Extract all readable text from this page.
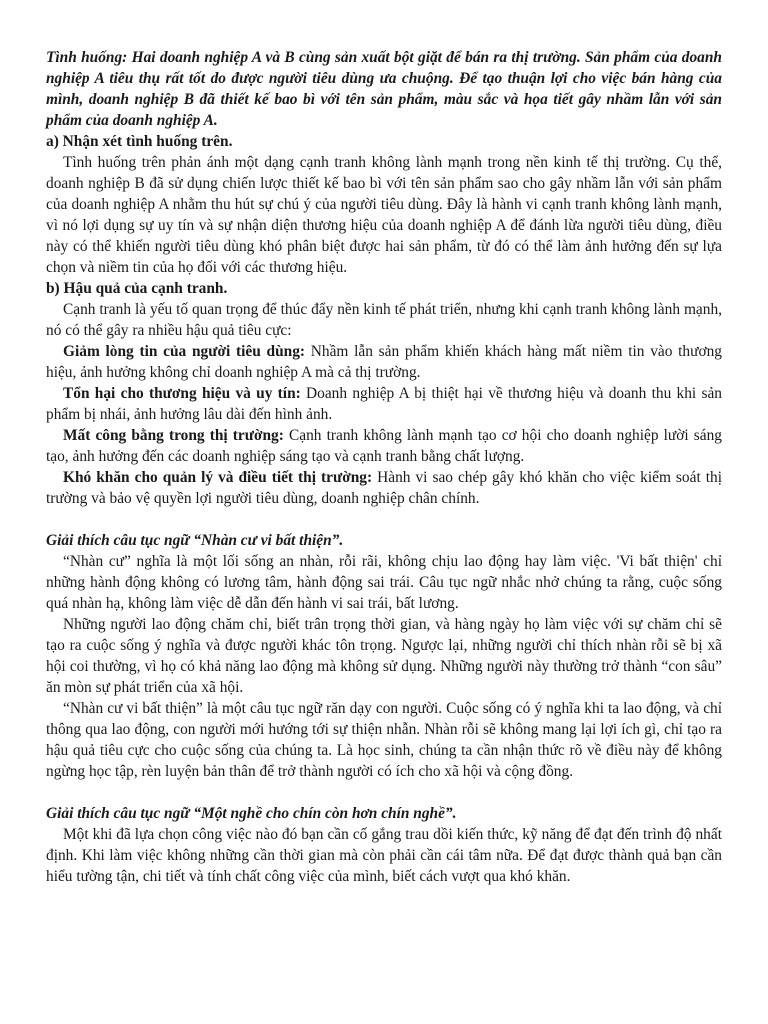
Tình huống: Hai doanh nghiệp A và B cùng sản xuất bột giặt để bán ra thị trường. Sản phẩm của doanh nghiệp A tiêu thụ rất tốt do được người tiêu dùng ưa chuộng. Để tạo thuận lợi cho việc bán hàng của mình, doanh nghiệp B đã thiết kế bao bì với tên sản phẩm, màu sắc và họa tiết gây nhầm lẫn với sản phẩm của doanh nghiệp A.

a) Nhận xét tình huống trên.

Tình huống trên phản ánh một dạng cạnh tranh không lành mạnh trong nền kinh tế thị trường. Cụ thể, doanh nghiệp B đã sử dụng chiến lược thiết kế bao bì với tên sản phẩm sao cho gây nhầm lẫn với sản phẩm của doanh nghiệp A nhằm thu hút sự chú ý của người tiêu dùng. Đây là hành vi cạnh tranh không lành mạnh, vì nó lợi dụng sự uy tín và sự nhận diện thương hiệu của doanh nghiệp A để đánh lừa người tiêu dùng, điều này có thể khiến người tiêu dùng khó phân biệt được hai sản phẩm, từ đó có thể làm ảnh hưởng đến sự lựa chọn và niềm tin của họ đối với các thương hiệu.

b) Hậu quả của cạnh tranh.

Cạnh tranh là yếu tố quan trọng để thúc đẩy nền kinh tế phát triển, nhưng khi cạnh tranh không lành mạnh, nó có thể gây ra nhiều hậu quả tiêu cực:

Giảm lòng tin của người tiêu dùng: Nhầm lẫn sản phẩm khiến khách hàng mất niềm tin vào thương hiệu, ảnh hưởng không chỉ doanh nghiệp A mà cả thị trường.

Tổn hại cho thương hiệu và uy tín: Doanh nghiệp A bị thiệt hại về thương hiệu và doanh thu khi sản phẩm bị nhái, ảnh hưởng lâu dài đến hình ảnh.

Mất công bằng trong thị trường: Cạnh tranh không lành mạnh tạo cơ hội cho doanh nghiệp lười sáng tạo, ảnh hưởng đến các doanh nghiệp sáng tạo và cạnh tranh bằng chất lượng.

Khó khăn cho quản lý và điều tiết thị trường: Hành vi sao chép gây khó khăn cho việc kiểm soát thị trường và bảo vệ quyền lợi người tiêu dùng, doanh nghiệp chân chính.

Giải thích câu tục ngữ “Nhàn cư vi bất thiện”.

“Nhàn cư” nghĩa là một lối sống an nhàn, rỗi rãi, không chịu lao động hay làm việc. 'Vi bất thiện' chỉ những hành động không có lương tâm, hành động sai trái. Câu tục ngữ nhắc nhở chúng ta rằng, cuộc sống quá nhàn hạ, không làm việc dễ dẫn đến hành vi sai trái, bất lương.

Những người lao động chăm chỉ, biết trân trọng thời gian, và hàng ngày họ làm việc với sự chăm chỉ sẽ tạo ra cuộc sống ý nghĩa và được người khác tôn trọng. Ngược lại, những người chỉ thích nhàn rỗi sẽ bị xã hội coi thường, vì họ có khả năng lao động mà không sử dụng. Những người này thường trở thành “con sâu” ăn mòn sự phát triển của xã hội.

“Nhàn cư vi bất thiện” là một câu tục ngữ răn dạy con người. Cuộc sống có ý nghĩa khi ta lao động, và chỉ thông qua lao động, con người mới hướng tới sự thiện nhẫn. Nhàn rỗi sẽ không mang lại lợi ích gì, chỉ tạo ra hậu quả tiêu cực cho cuộc sống của chúng ta. Là học sinh, chúng ta cần nhận thức rõ về điều này để không ngừng học tập, rèn luyện bản thân để trở thành người có ích cho xã hội và cộng đồng.

Giải thích câu tục ngữ “Một nghề cho chín còn hơn chín nghề”.

Một khi đã lựa chọn công việc nào đó bạn cần cố gắng trau dồi kiến thức, kỹ năng để đạt đến trình độ nhất định. Khi làm việc không những cần thời gian mà còn phải cần cái tâm nữa. Để đạt được thành quả bạn cần hiểu tường tận, chi tiết và tính chất công việc của mình, biết cách vượt qua khó khăn.
